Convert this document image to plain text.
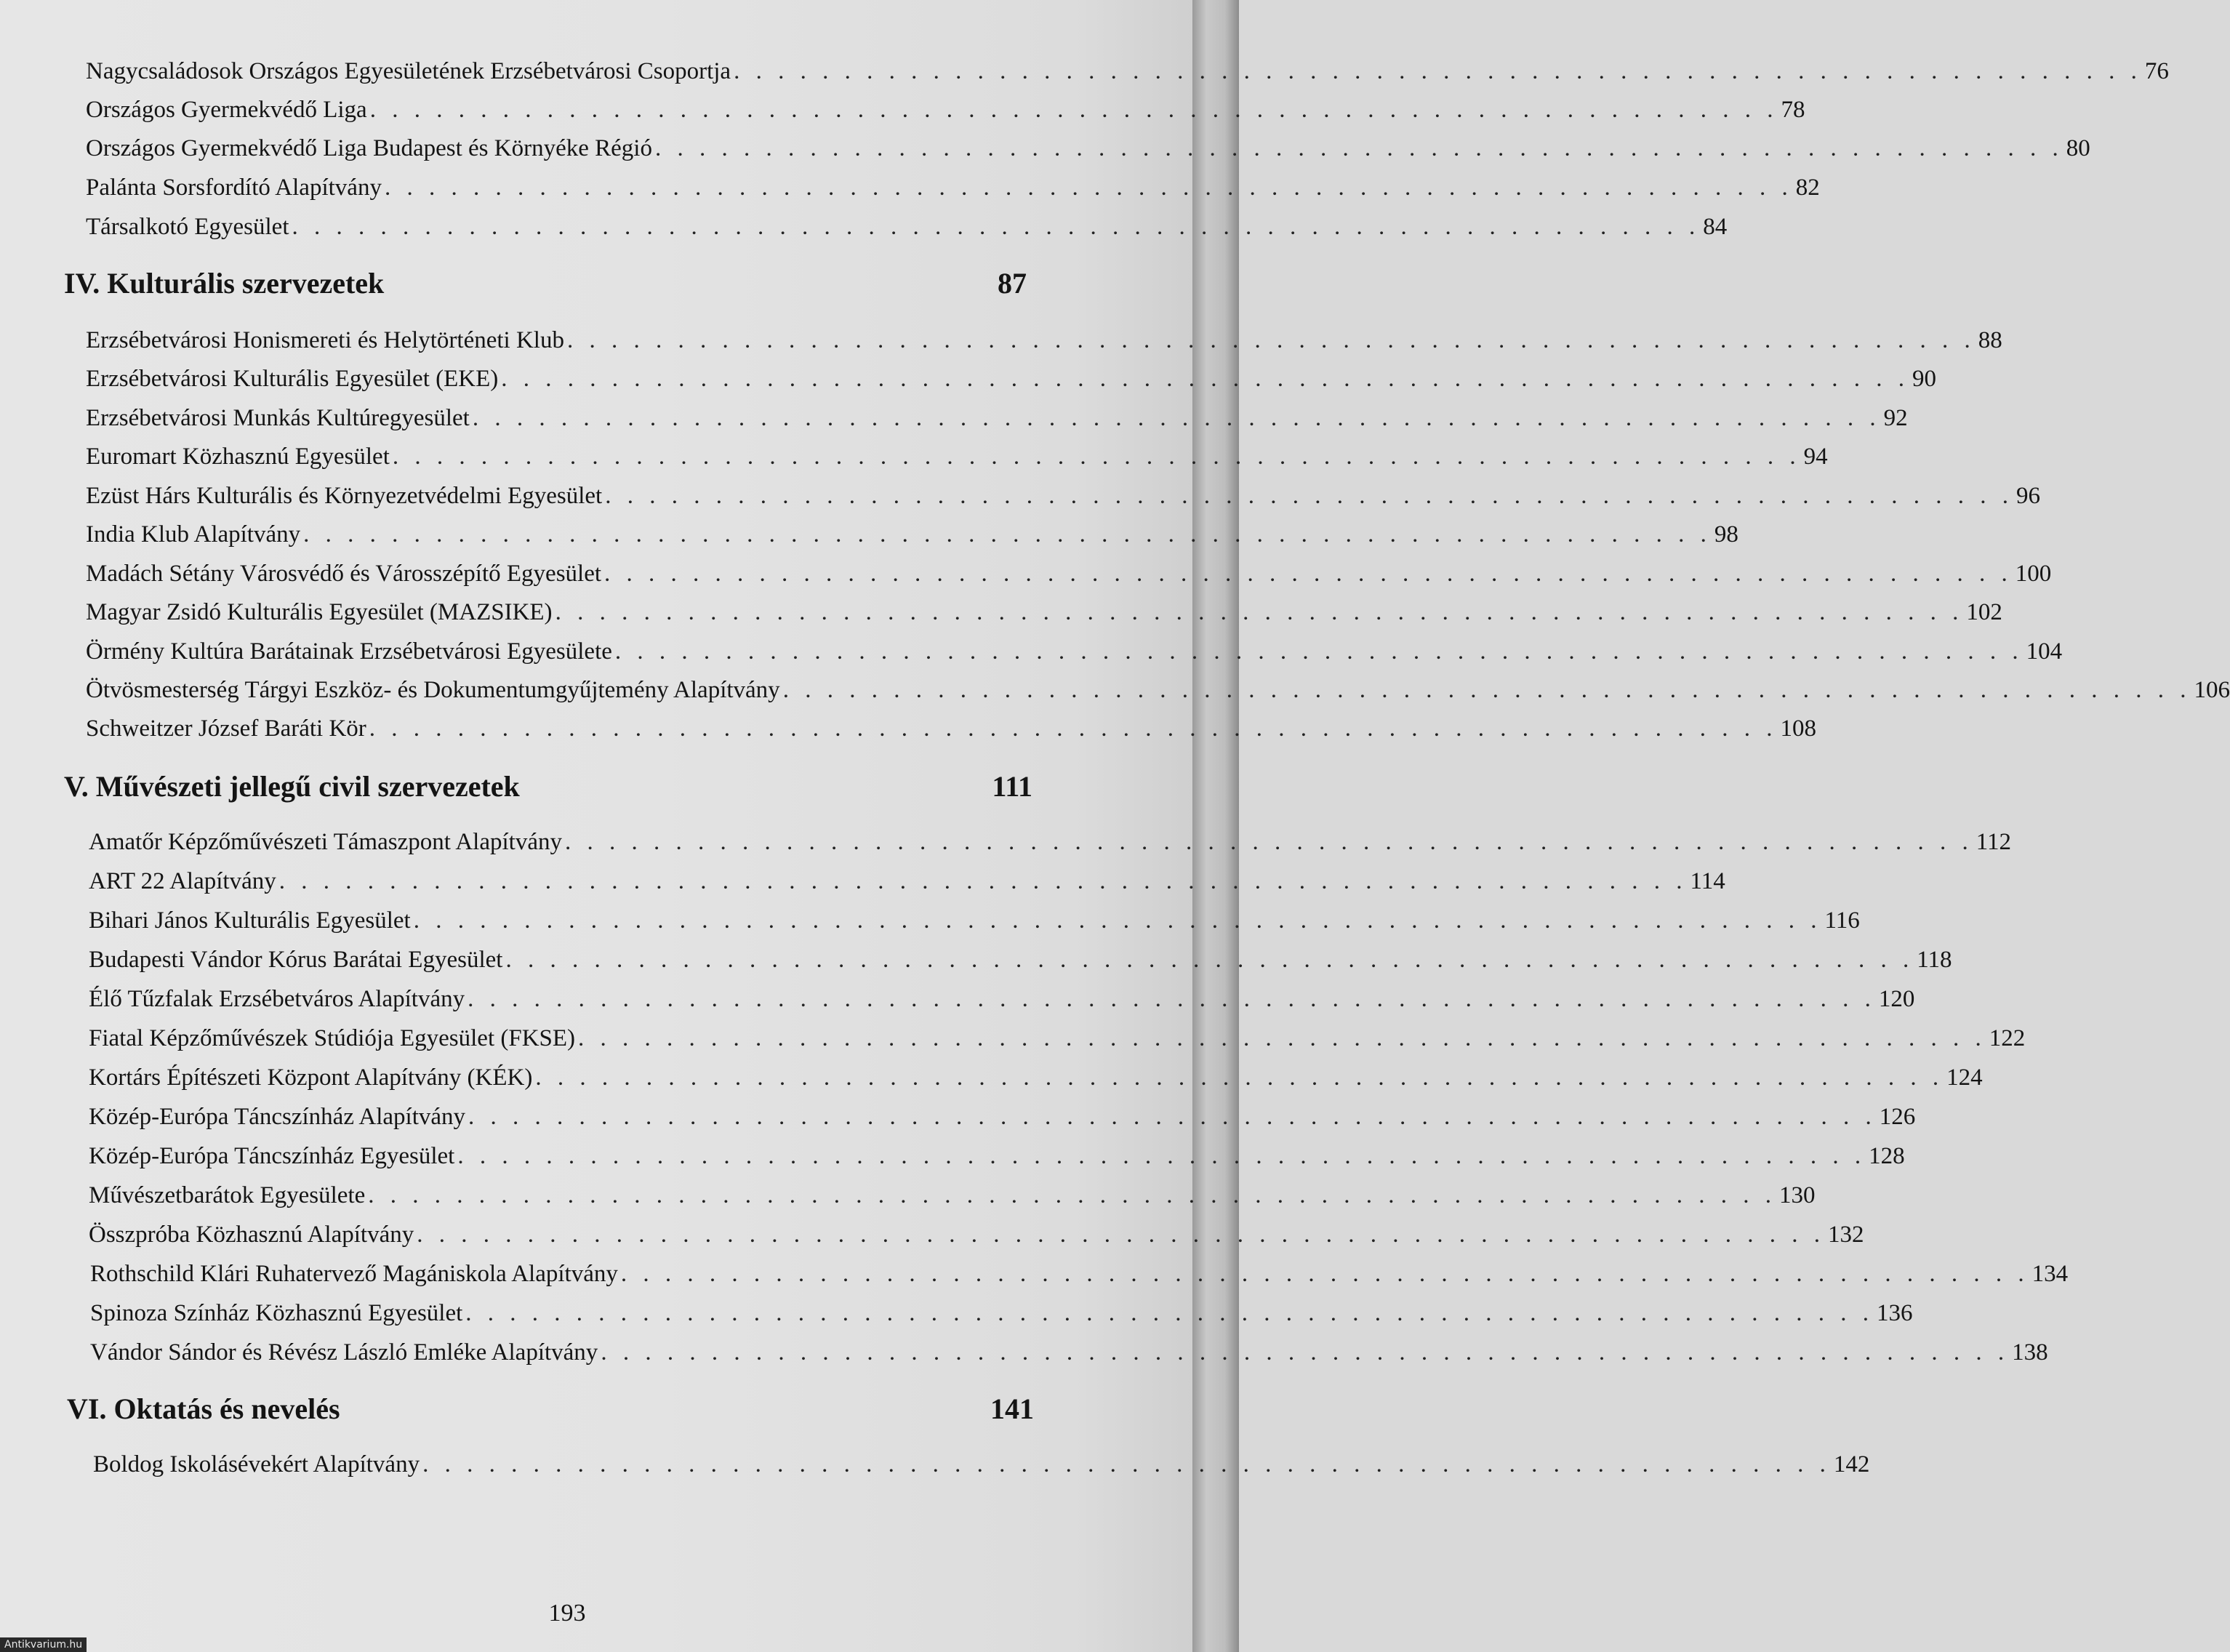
Nagycsaládosok Országos Egyesületének Erzsébetvárosi Csoportja . . . . . . . . . . . . . . . . . . . . . . . . . . . . . . . . . . . . . . . . . . . . . . . . . . . . . . . . . . . . . . . . 76
Országos Gyermekvédő Liga . . . . . . . . . . . . . . . . . . . . . . . . . . . . . . . . . . . . . . . . . . . . . . . . . . . . . . . . . . . . . . . . 78
Országos Gyermekvédő Liga Budapest és Környéke Régió . . . . . . . . . . . . . . . . . . . . . . . . . . . . . . . . . . . . . . . . . . . . . . . . . . . . . . . . . . . . . . . . 80
Palánta Sorsfordító Alapítvány . . . . . . . . . . . . . . . . . . . . . . . . . . . . . . . . . . . . . . . . . . . . . . . . . . . . . . . . . . . . . . . . 82
Társalkotó Egyesület . . . . . . . . . . . . . . . . . . . . . . . . . . . . . . . . . . . . . . . . . . . . . . . . . . . . . . . . . . . . . . . . 84
IV. Kulturális szervezetek	87
Erzsébetvárosi Honismereti és Helytörténeti Klub . . . . . . . . . . . . . . . . . . . . . . . . . . . . . . . . . . . . . . . . . . . . . . . . . . . . . . . . . . . . . . . . 88
Erzsébetvárosi Kulturális Egyesület (EKE) . . . . . . . . . . . . . . . . . . . . . . . . . . . . . . . . . . . . . . . . . . . . . . . . . . . . . . . . . . . . . . . . 90
Erzsébetvárosi Munkás Kultúregyesület . . . . . . . . . . . . . . . . . . . . . . . . . . . . . . . . . . . . . . . . . . . . . . . . . . . . . . . . . . . . . . . . 92
Euromart Közhasznú Egyesület . . . . . . . . . . . . . . . . . . . . . . . . . . . . . . . . . . . . . . . . . . . . . . . . . . . . . . . . . . . . . . . . 94
Ezüst Hárs Kulturális és Környezetvédelmi Egyesület . . . . . . . . . . . . . . . . . . . . . . . . . . . . . . . . . . . . . . . . . . . . . . . . . . . . . . . . . . . . . . . . 96
India Klub Alapítvány . . . . . . . . . . . . . . . . . . . . . . . . . . . . . . . . . . . . . . . . . . . . . . . . . . . . . . . . . . . . . . . . 98
Madách Sétány Városvédő és Városszépítő Egyesület . . . . . . . . . . . . . . . . . . . . . . . . . . . . . . . . . . . . . . . . . . . . . . . . . . . . . . . . . . . . . . . . 100
Magyar Zsidó Kulturális Egyesület (MAZSIKE) . . . . . . . . . . . . . . . . . . . . . . . . . . . . . . . . . . . . . . . . . . . . . . . . . . . . . . . . . . . . . . . . 102
Örmény Kultúra Barátainak Erzsébetvárosi Egyesülete . . . . . . . . . . . . . . . . . . . . . . . . . . . . . . . . . . . . . . . . . . . . . . . . . . . . . . . . . . . . . . . . 104
Ötvösmesterség Tárgyi Eszköz- és Dokumentumgyűjtemény Alapítvány . . . . . . . . . . . . . . . . . . . . . . . . . . . . . . . . . . . . . . . . . . . . . . . . . . . . . . . . . . . . . . . . 106
Schweitzer József Baráti Kör . . . . . . . . . . . . . . . . . . . . . . . . . . . . . . . . . . . . . . . . . . . . . . . . . . . . . . . . . . . . . . . . 108
V. Művészeti jellegű civil szervezetek	111
Amatőr Képzőművészeti Támaszpont Alapítvány . . . . . . . . . . . . . . . . . . . . . . . . . . . . . . . . . . . . . . . . . . . . . . . . . . . . . . . . . . . . . . . . 112
ART 22 Alapítvány . . . . . . . . . . . . . . . . . . . . . . . . . . . . . . . . . . . . . . . . . . . . . . . . . . . . . . . . . . . . . . . . 114
Bihari János Kulturális Egyesület . . . . . . . . . . . . . . . . . . . . . . . . . . . . . . . . . . . . . . . . . . . . . . . . . . . . . . . . . . . . . . . . 116
Budapesti Vándor Kórus Barátai Egyesület . . . . . . . . . . . . . . . . . . . . . . . . . . . . . . . . . . . . . . . . . . . . . . . . . . . . . . . . . . . . . . . . 118
Élő Tűzfalak Erzsébetváros Alapítvány . . . . . . . . . . . . . . . . . . . . . . . . . . . . . . . . . . . . . . . . . . . . . . . . . . . . . . . . . . . . . . . . 120
Fiatal Képzőművészek Stúdiója Egyesület (FKSE) . . . . . . . . . . . . . . . . . . . . . . . . . . . . . . . . . . . . . . . . . . . . . . . . . . . . . . . . . . . . . . . . 122
Kortárs Építészeti Központ Alapítvány (KÉK) . . . . . . . . . . . . . . . . . . . . . . . . . . . . . . . . . . . . . . . . . . . . . . . . . . . . . . . . . . . . . . . . 124
Közép-Európa Táncszínház Alapítvány . . . . . . . . . . . . . . . . . . . . . . . . . . . . . . . . . . . . . . . . . . . . . . . . . . . . . . . . . . . . . . . . 126
Közép-Európa Táncszínház Egyesület . . . . . . . . . . . . . . . . . . . . . . . . . . . . . . . . . . . . . . . . . . . . . . . . . . . . . . . . . . . . . . . . 128
Művészetbarátok Egyesülete . . . . . . . . . . . . . . . . . . . . . . . . . . . . . . . . . . . . . . . . . . . . . . . . . . . . . . . . . . . . . . . . 130
Összpróba Közhasznú Alapítvány . . . . . . . . . . . . . . . . . . . . . . . . . . . . . . . . . . . . . . . . . . . . . . . . . . . . . . . . . . . . . . . . 132
Rothschild Klári Ruhatervező Magániskola Alapítvány . . . . . . . . . . . . . . . . . . . . . . . . . . . . . . . . . . . . . . . . . . . . . . . . . . . . . . . . . . . . . . . . 134
Spinoza Színház Közhasznú Egyesület . . . . . . . . . . . . . . . . . . . . . . . . . . . . . . . . . . . . . . . . . . . . . . . . . . . . . . . . . . . . . . . . 136
Vándor Sándor és Révész László Emléke Alapítvány . . . . . . . . . . . . . . . . . . . . . . . . . . . . . . . . . . . . . . . . . . . . . . . . . . . . . . . . . . . . . . . . 138
VI. Oktatás és nevelés	141
Boldog Iskolásévekért Alapítvány . . . . . . . . . . . . . . . . . . . . . . . . . . . . . . . . . . . . . . . . . . . . . . . . . . . . . . . . . . . . . . . . 142
193
Antikvarium.hu
